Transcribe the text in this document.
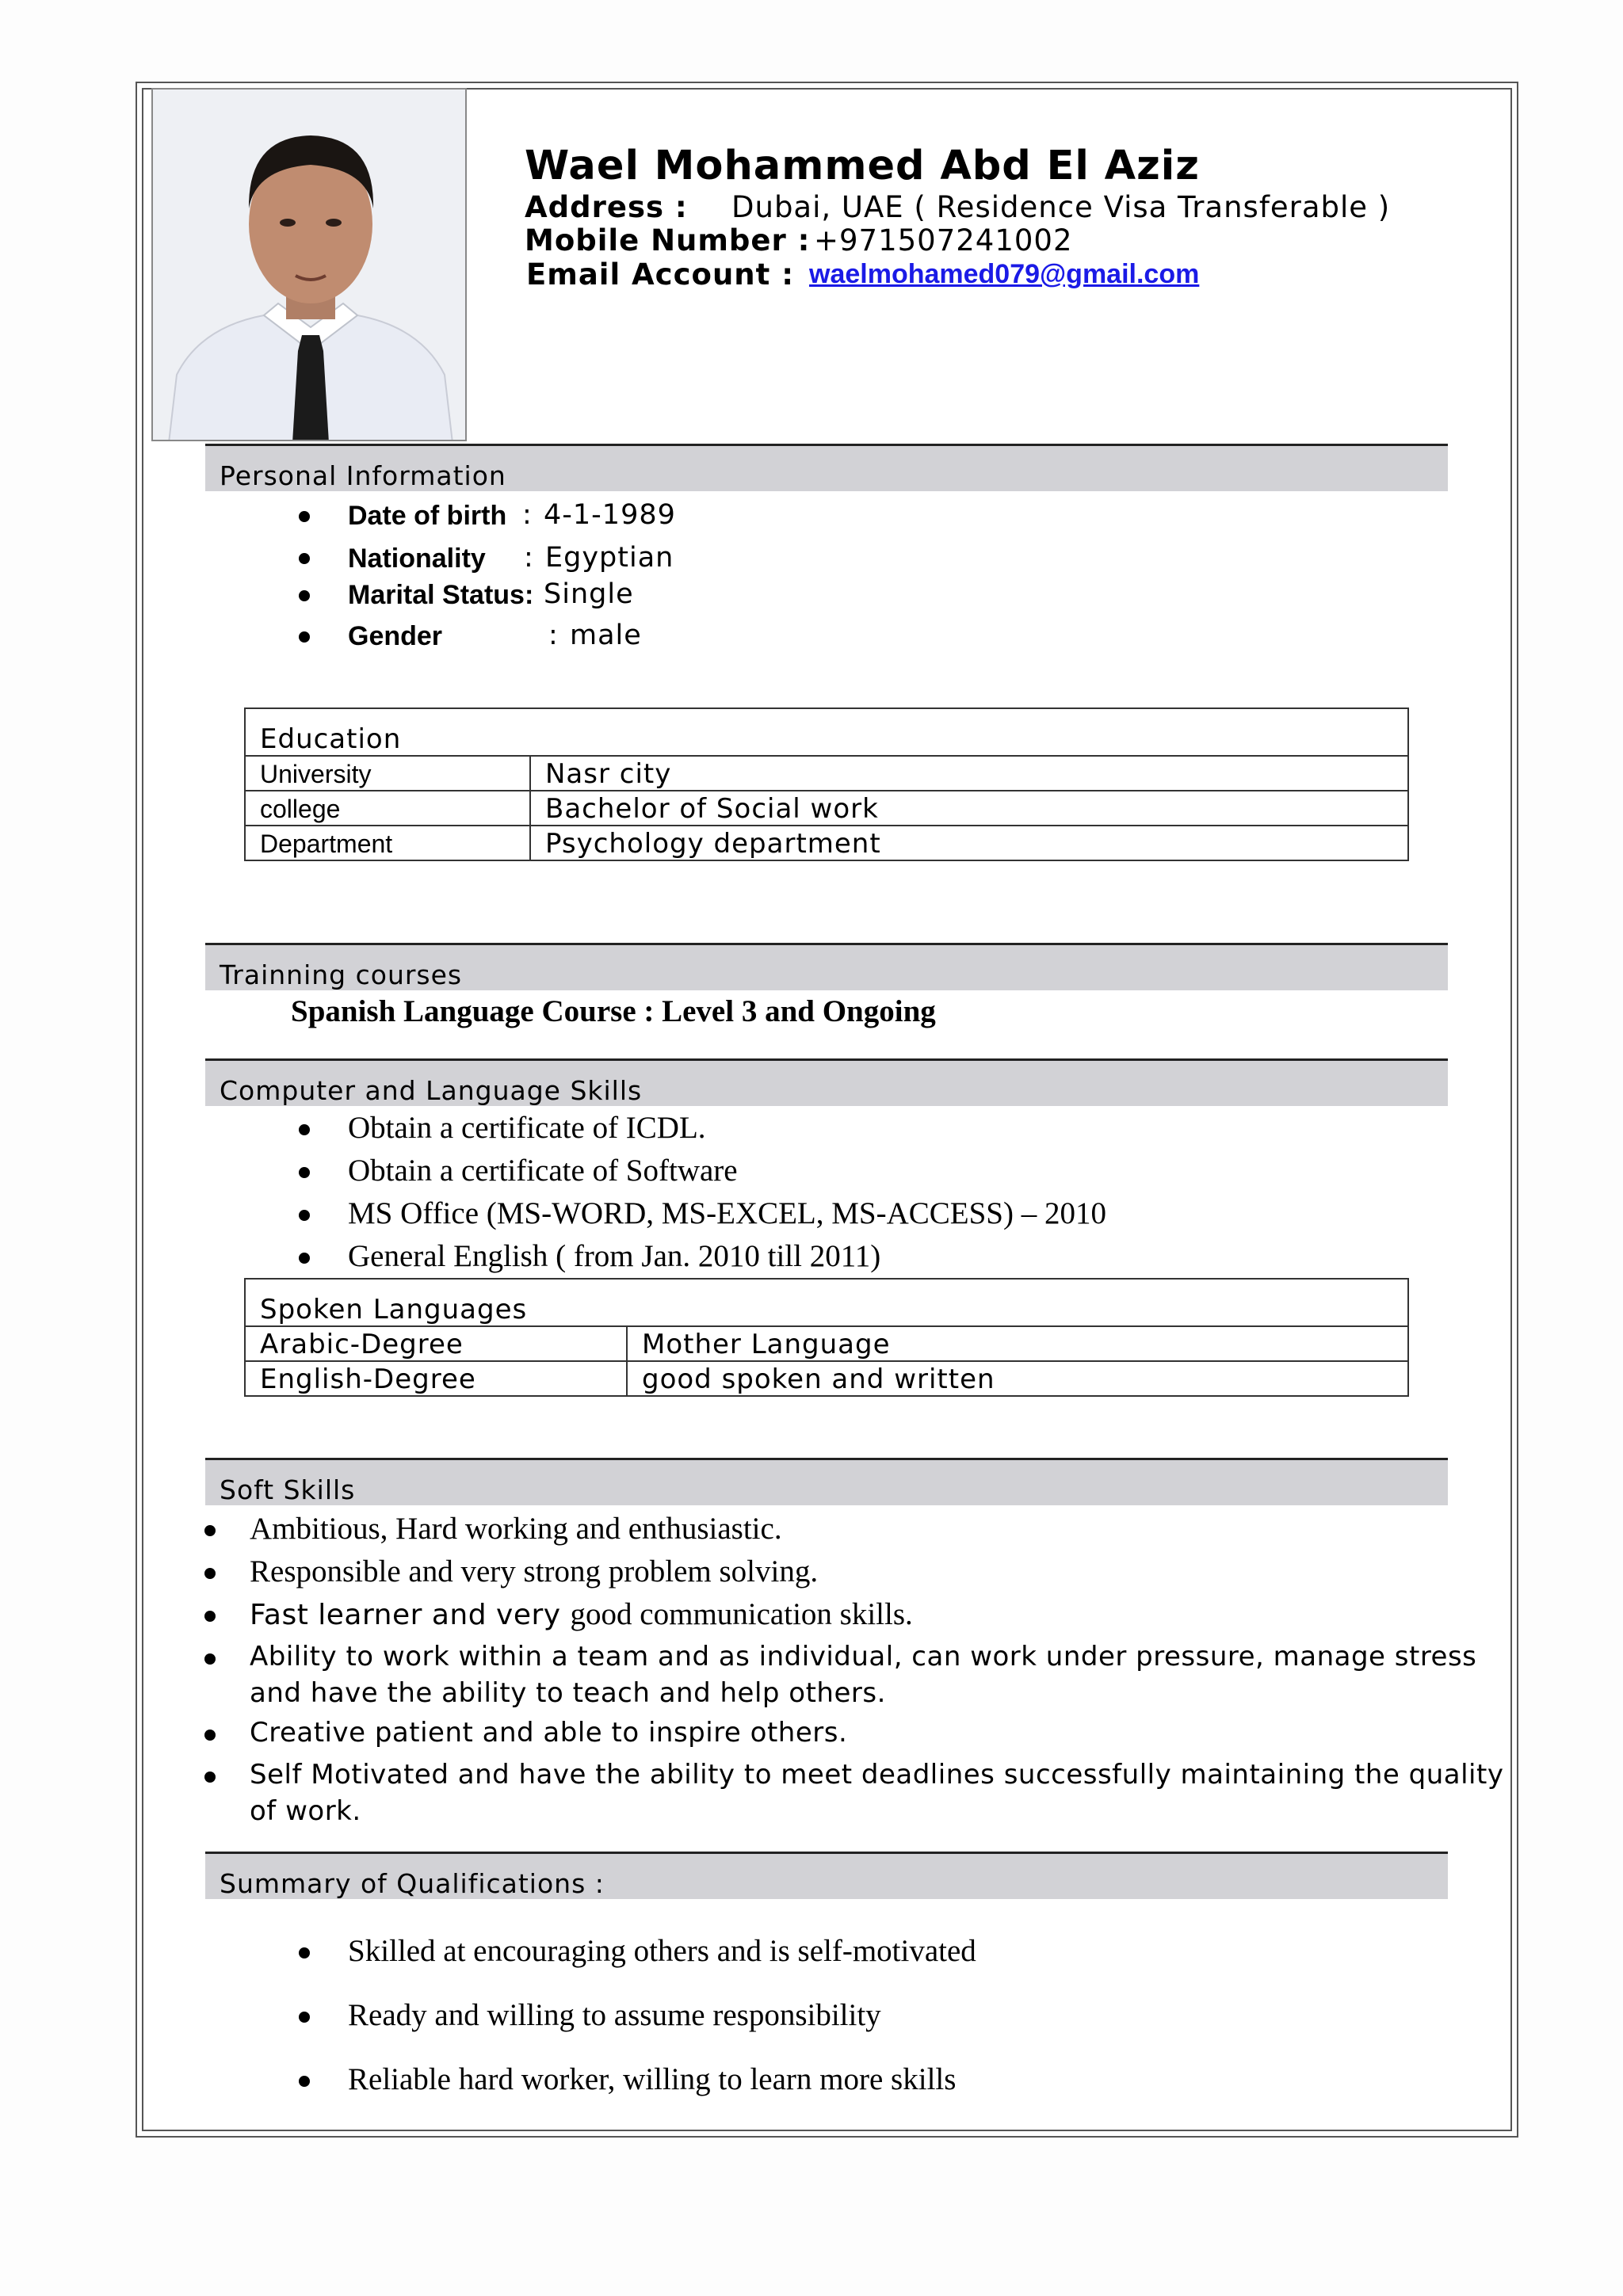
Wael Mohammed Abd El Aziz
Address : Dubai, UAE ( Residence Visa Transferable )
Mobile Number : +971507241002
Email Account : waelmohamed079@gmail.com
Personal Information
Date of birth : 4-1-1989
Nationality : Egyptian
Marital Status: Single
Gender	: male
Education	
University	Nasr city
college	Bachelor of Social work
Department	Psychology department
Trainning courses
Spanish Language Course : Level 3 and Ongoing
Computer and Language Skills
Obtain a certificate of ICDL.
Obtain a certificate of Software
MS Office (MS-WORD, MS-EXCEL, MS-ACCESS) – 2010
General English ( from Jan. 2010 till 2011)
Spoken Languages	
Arabic-Degree	Mother Language
English-Degree	good spoken and written
Soft Skills
Ambitious, Hard working and enthusiastic.
Responsible and very strong problem solving.
Fast learner and very good communication skills.
Ability to work within a team and as individual, can work under pressure, manage stress
and have the ability to teach and help others.
Creative patient and able to inspire others.
Self Motivated and have the ability to meet deadlines successfully maintaining the quality
of work.
Summary of Qualifications :
Skilled at encouraging others and is self-motivated
Ready and willing to assume responsibility
Reliable hard worker, willing to learn more skills
